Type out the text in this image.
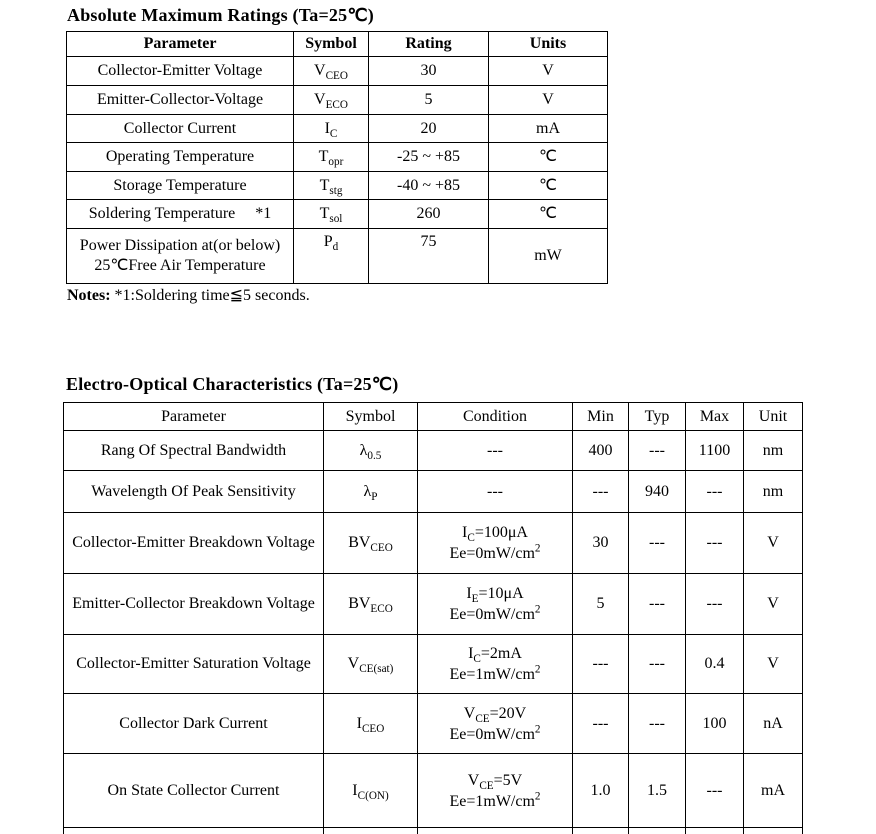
Absolute Maximum Ratings (Ta=25℃)
Parameter	Symbol	Rating	Units
Collector-Emitter Voltage	$V_{CEO}$	30	V
Emitter-Collector-Voltage	$V_{ECO}$	5	V
Collector Current	$I_C$	20	mA
Operating Temperature	$T_{opr}$	-25 ~ +85	℃
Storage Temperature	$T_{stg}$	-40 ~ +85	℃
Soldering Temperature *1	$T_{sol}$	260	℃

Power Dissipation at(or below)
25℃Free Air Temperature	$P_d$	75	mW

Notes: *1:Soldering time≦5 seconds.

Electro-Optical Characteristics (Ta=25℃)
Parameter	Symbol	Condition	Min	Typ	Max	Unit
Rang Of Spectral Bandwidth	$\lambda_{0.5}$	---	400	---	1100	nm
Wavelength Of Peak Sensitivity	$\lambda_P$	---	---	940	---	nm
Collector-Emitter Breakdown Voltage	$BV_{CEO}$	$I_C=100\mu A$
$Ee=0mW/cm^2$	30	---	---	V
Emitter-Collector Breakdown Voltage	$BV_{ECO}$	$I_E=10\mu A$
$Ee=0mW/cm^2$	5	---	---	V
Collector-Emitter Saturation Voltage	$V_{CE(sat)}$	$I_C=2mA$
$Ee=1mW/cm^2$	---	---	0.4	V
Collector Dark Current	$I_{CEO}$	$V_{CE}=20V$
$Ee=0mW/cm^2$	---	---	100	nA
On State Collector Current	$I_{C(ON)}$	$V_{CE}=5V$
$Ee=1mW/cm^2$	1.0	1.5	---	mA
